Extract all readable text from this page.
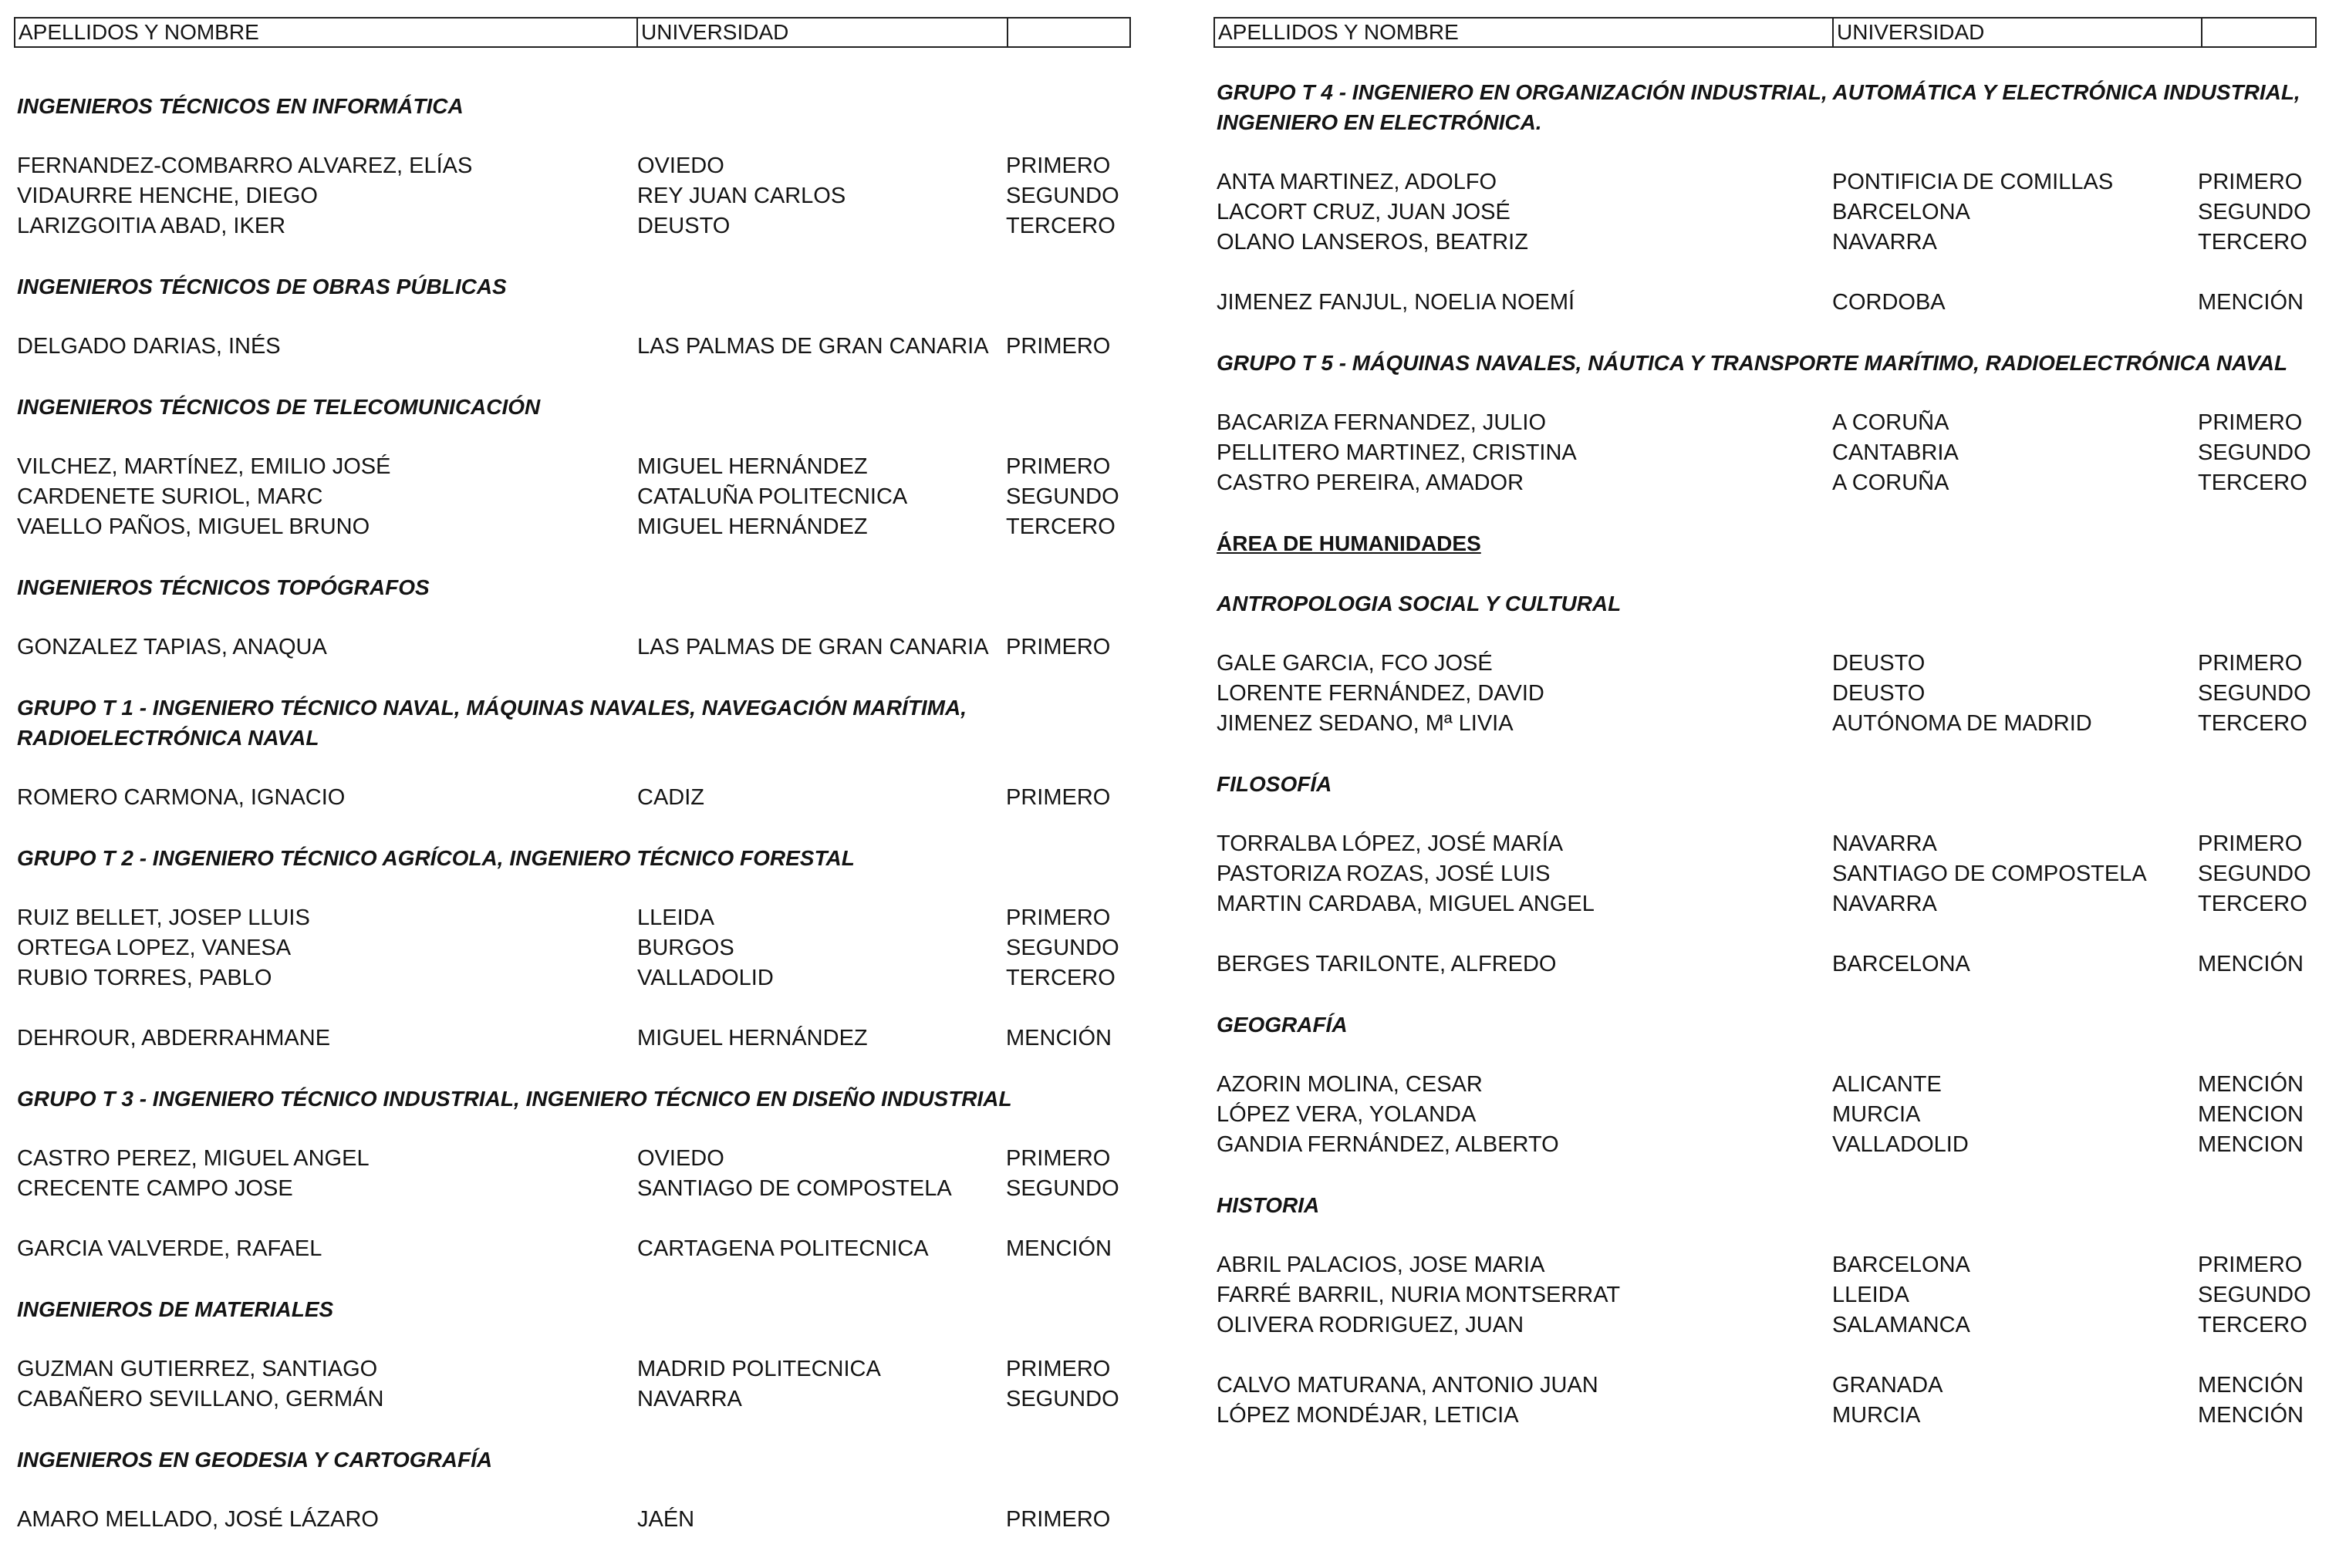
APELLIDOS Y NOMBRE	UNIVERSIDAD
INGENIEROS TÉCNICOS EN INFORMÁTICA
FERNANDEZ-COMBARRO ALVAREZ, ELÍAS	OVIEDO	PRIMERO
VIDAURRE HENCHE, DIEGO	REY JUAN CARLOS	SEGUNDO
LARIZGOITIA ABAD, IKER	DEUSTO	TERCERO
INGENIEROS TÉCNICOS DE OBRAS PÚBLICAS
DELGADO DARIAS, INÉS	LAS PALMAS DE GRAN CANARIA PRIMERO
INGENIEROS TÉCNICOS DE TELECOMUNICACIÓN
VILCHEZ, MARTÍNEZ, EMILIO JOSÉ	MIGUEL HERNÁNDEZ	PRIMERO
CARDENETE SURIOL, MARC	CATALUÑA POLITECNICA	SEGUNDO
VAELLO PAÑOS, MIGUEL BRUNO	MIGUEL HERNÁNDEZ	TERCERO
INGENIEROS TÉCNICOS TOPÓGRAFOS
GONZALEZ TAPIAS, ANAQUA	LAS PALMAS DE GRAN CANARIA PRIMERO
GRUPO T 1 - INGENIERO TÉCNICO NAVAL, MÁQUINAS NAVALES, NAVEGACIÓN MARÍTIMA, RADIOELECTRÓNICA NAVAL
ROMERO CARMONA, IGNACIO	CADIZ	PRIMERO
GRUPO T 2 - INGENIERO TÉCNICO AGRÍCOLA, INGENIERO TÉCNICO FORESTAL
RUIZ BELLET, JOSEP LLUIS	LLEIDA	PRIMERO
ORTEGA LOPEZ, VANESA	BURGOS	SEGUNDO
RUBIO TORRES, PABLO	VALLADOLID	TERCERO
DEHROUR, ABDERRAHMANE	MIGUEL HERNÁNDEZ	MENCIÓN
GRUPO T 3 - INGENIERO TÉCNICO INDUSTRIAL, INGENIERO TÉCNICO EN DISEÑO INDUSTRIAL
CASTRO PEREZ, MIGUEL ANGEL	OVIEDO	PRIMERO
CRECENTE CAMPO JOSE	SANTIAGO DE COMPOSTELA SEGUNDO
GARCIA VALVERDE, RAFAEL	CARTAGENA POLITECNICA	MENCIÓN
INGENIEROS DE MATERIALES
GUZMAN GUTIERREZ, SANTIAGO	MADRID POLITECNICA	PRIMERO
CABAÑERO SEVILLANO, GERMÁN	NAVARRA	SEGUNDO
INGENIEROS EN GEODESIA Y CARTOGRAFÍA
AMARO MELLADO, JOSÉ LÁZARO	JAÉN	PRIMERO
APELLIDOS Y NOMBRE	UNIVERSIDAD
GRUPO T 4 - INGENIERO EN ORGANIZACIÓN INDUSTRIAL, AUTOMÁTICA Y ELECTRÓNICA INDUSTRIAL, INGENIERO EN ELECTRÓNICA.
ANTA MARTINEZ, ADOLFO	PONTIFICIA DE COMILLAS	PRIMERO
LACORT CRUZ, JUAN JOSÉ	BARCELONA	SEGUNDO
OLANO LANSEROS, BEATRIZ	NAVARRA	TERCERO
JIMENEZ FANJUL, NOELIA NOEMÍ	CORDOBA	MENCIÓN
GRUPO T 5 - MÁQUINAS NAVALES, NÁUTICA Y TRANSPORTE MARÍTIMO, RADIOELECTRÓNICA NAVAL
BACARIZA FERNANDEZ, JULIO	A CORUÑA	PRIMERO
PELLITERO MARTINEZ, CRISTINA	CANTABRIA	SEGUNDO
CASTRO PEREIRA, AMADOR	A CORUÑA	TERCERO
ÁREA DE HUMANIDADES
ANTROPOLOGIA SOCIAL Y CULTURAL
GALE GARCIA, FCO JOSÉ	DEUSTO	PRIMERO
LORENTE FERNÁNDEZ, DAVID	DEUSTO	SEGUNDO
JIMENEZ SEDANO, Mª LIVIA	AUTÓNOMA DE MADRID	TERCERO
FILOSOFÍA
TORRALBA LÓPEZ, JOSÉ MARÍA	NAVARRA	PRIMERO
PASTORIZA ROZAS, JOSÉ LUIS	SANTIAGO DE COMPOSTELA SEGUNDO
MARTIN CARDABA, MIGUEL ANGEL	NAVARRA	TERCERO
BERGES TARILONTE, ALFREDO	BARCELONA	MENCIÓN
GEOGRAFÍA
AZORIN MOLINA, CESAR	ALICANTE	MENCIÓN
LÓPEZ VERA, YOLANDA	MURCIA	MENCION
GANDIA FERNÁNDEZ, ALBERTO	VALLADOLID	MENCION
HISTORIA
ABRIL PALACIOS, JOSE MARIA	BARCELONA	PRIMERO
FARRÉ BARRIL, NURIA MONTSERRAT	LLEIDA	SEGUNDO
OLIVERA RODRIGUEZ, JUAN	SALAMANCA	TERCERO
CALVO MATURANA, ANTONIO JUAN	GRANADA	MENCIÓN
LÓPEZ MONDÉJAR, LETICIA	MURCIA	MENCIÓN
